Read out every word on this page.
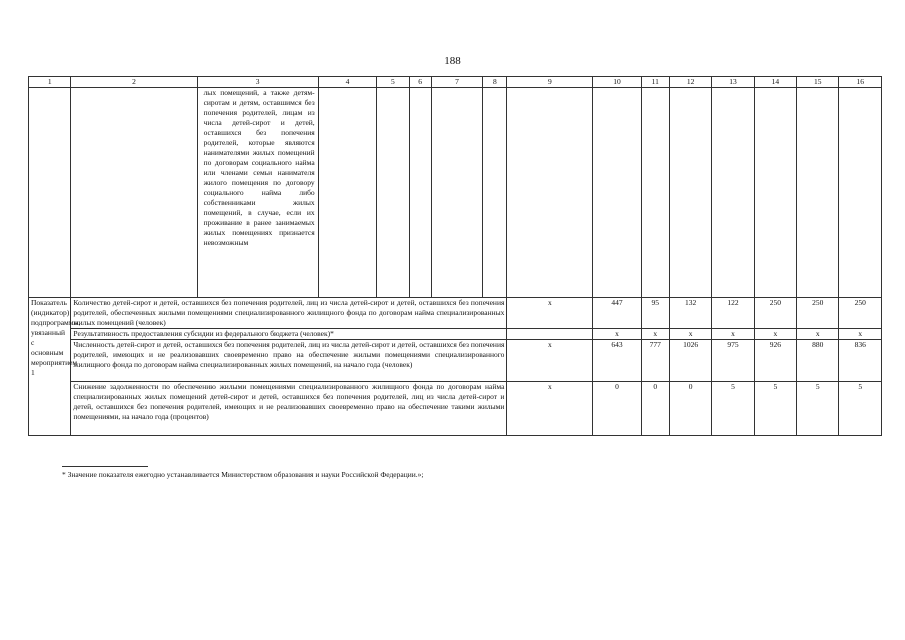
188
1	2	3	4	5	6	7	8	9	10	11	12	13	14	15	16
		лых помещений, а также детям-сиротам и детям, оставшимся без попечения родителей, лицам из числа детей-сирот и детей, оставшихся без попечения родителей, которые являются нанимателями жилых помещений по договорам социального найма или членами семьи нанимателя жилого помещения по договору социального найма либо собственниками жилых помещений, в случае, если их проживание в ранее занимаемых жилых помещениях признается невозможным													
Показатель (индикатор) подпрограммы, увязанный с основным мероприятием 1	Количество детей-сирот и детей, оставшихся без попечения родителей, лиц из числа детей-сирот и детей, оставшихся без попечения родителей, обеспеченных жилыми помещениями специализированного жилищного фонда по договорам найма специализированных жилых помещений (человек)							x	447	95	132	122	250	250	250
	Результативность предоставления субсидии из федерального бюджета (человек)*								x	x	x	x	x	x	x
	Численность детей-сирот и детей, оставшихся без попечения родителей, лиц из числа детей-сирот и детей, оставшихся без попечения родителей, имеющих и не реализовавших своевременно право на обеспечение жилыми помещениями специализированного жилищного фонда по договорам найма специализированных жилых помещений, на начало года (человек)							x	643	777	1026	975	926	880	836
	Снижение задолженности по обеспечению жилыми помещениями специализированного жилищного фонда по договорам найма специализированных жилых помещений детей-сирот и детей, оставшихся без попечения родителей, лиц из числа детей-сирот и детей, оставшихся без попечения родителей, имеющих и не реализовавших своевременно право на обеспечение такими жилыми помещениями, на начало года (процентов)							x	0	0	0	5	5	5	5
* Значение показателя ежегодно устанавливается Министерством образования и науки Российской Федерации.»;
